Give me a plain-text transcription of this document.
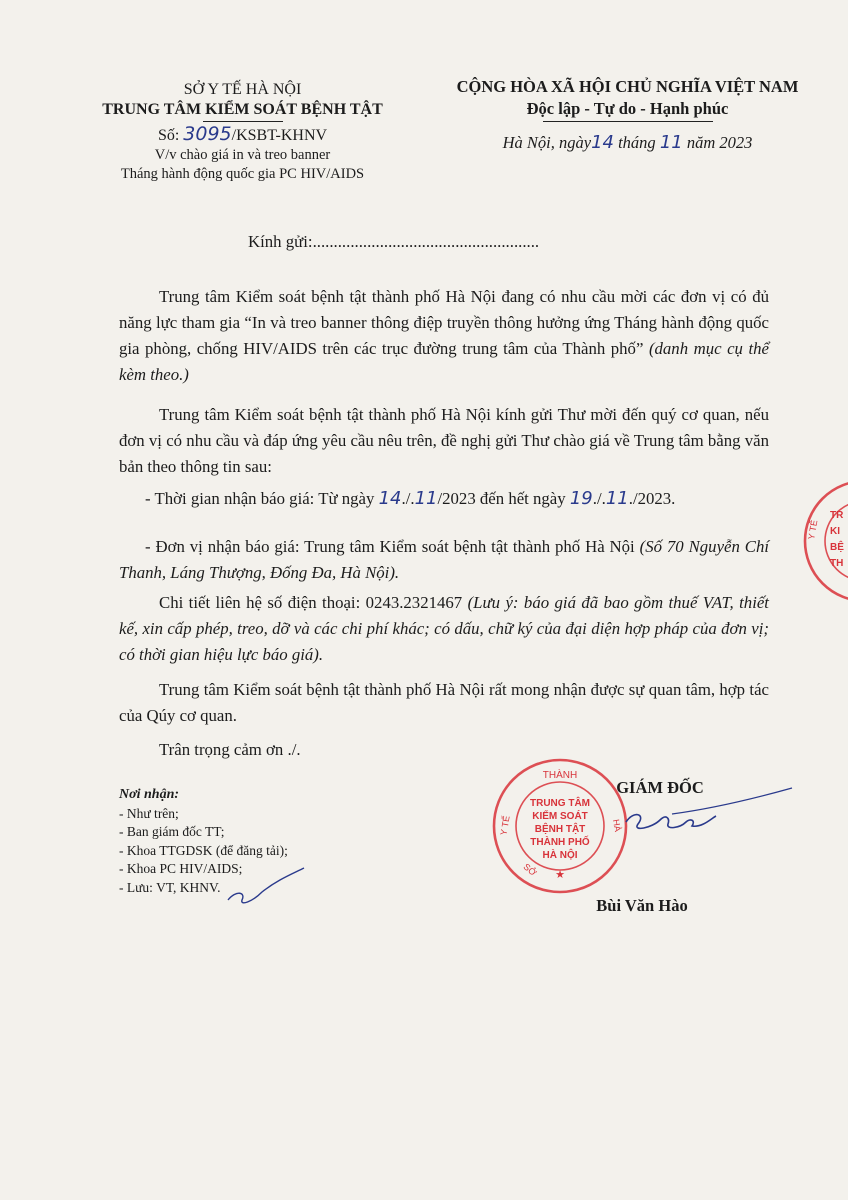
SỞ Y TẾ HÀ NỘI
TRUNG TÂM KIỂM SOÁT BỆNH TẬT
Số: 3095/KSBT-KHNV
V/v chào giá in và treo banner
Tháng hành động quốc gia PC HIV/AIDS
CỘNG HÒA XÃ HỘI CHỦ NGHĨA VIỆT NAM
Độc lập - Tự do - Hạnh phúc
Hà Nội, ngày14 tháng 11 năm 2023
Kính gửi:......................................................
Trung tâm Kiểm soát bệnh tật thành phố Hà Nội đang có nhu cầu mời các đơn vị có đủ năng lực tham gia “In và treo banner thông điệp truyền thông hưởng ứng Tháng hành động quốc gia phòng, chống HIV/AIDS trên các trục đường trung tâm của Thành phố” (danh mục cụ thể kèm theo.)
Trung tâm Kiểm soát bệnh tật thành phố Hà Nội kính gửi Thư mời đến quý cơ quan, nếu đơn vị có nhu cầu và đáp ứng yêu cầu nêu trên, đề nghị gửi Thư chào giá về Trung tâm bằng văn bản theo thông tin sau:
- Thời gian nhận báo giá: Từ ngày 14./.11/2023 đến hết ngày 19./.11./2023.
- Đơn vị nhận báo giá: Trung tâm Kiểm soát bệnh tật thành phố Hà Nội (Số 70 Nguyễn Chí Thanh, Láng Thượng, Đống Đa, Hà Nội).
Chi tiết liên hệ số điện thoại: 0243.2321467 (Lưu ý: báo giá đã bao gồm thuế VAT, thiết kế, xin cấp phép, treo, dỡ và các chi phí khác; có dấu, chữ ký của đại diện hợp pháp của đơn vị; có thời gian hiệu lực báo giá).
Trung tâm Kiểm soát bệnh tật thành phố Hà Nội rất mong nhận được sự quan tâm, hợp tác của Qúy cơ quan.
Trân trọng cảm ơn ./.
Nơi nhận:
- Như trên;
- Ban giám đốc TT;
- Khoa TTGDSK (để đăng tải);
- Khoa PC HIV/AIDS;
- Lưu: VT, KHNV.
GIÁM ĐỐC
THÀNH
Y TẾ	HÀ
SỞ
TRUNG TÂM
KIỂM SOÁT
BỆNH TẬT
THÀNH PHỐ
HÀ NỘI
★
Bùi Văn Hào
Y TẾ
TR
KI
BỆ
TH
